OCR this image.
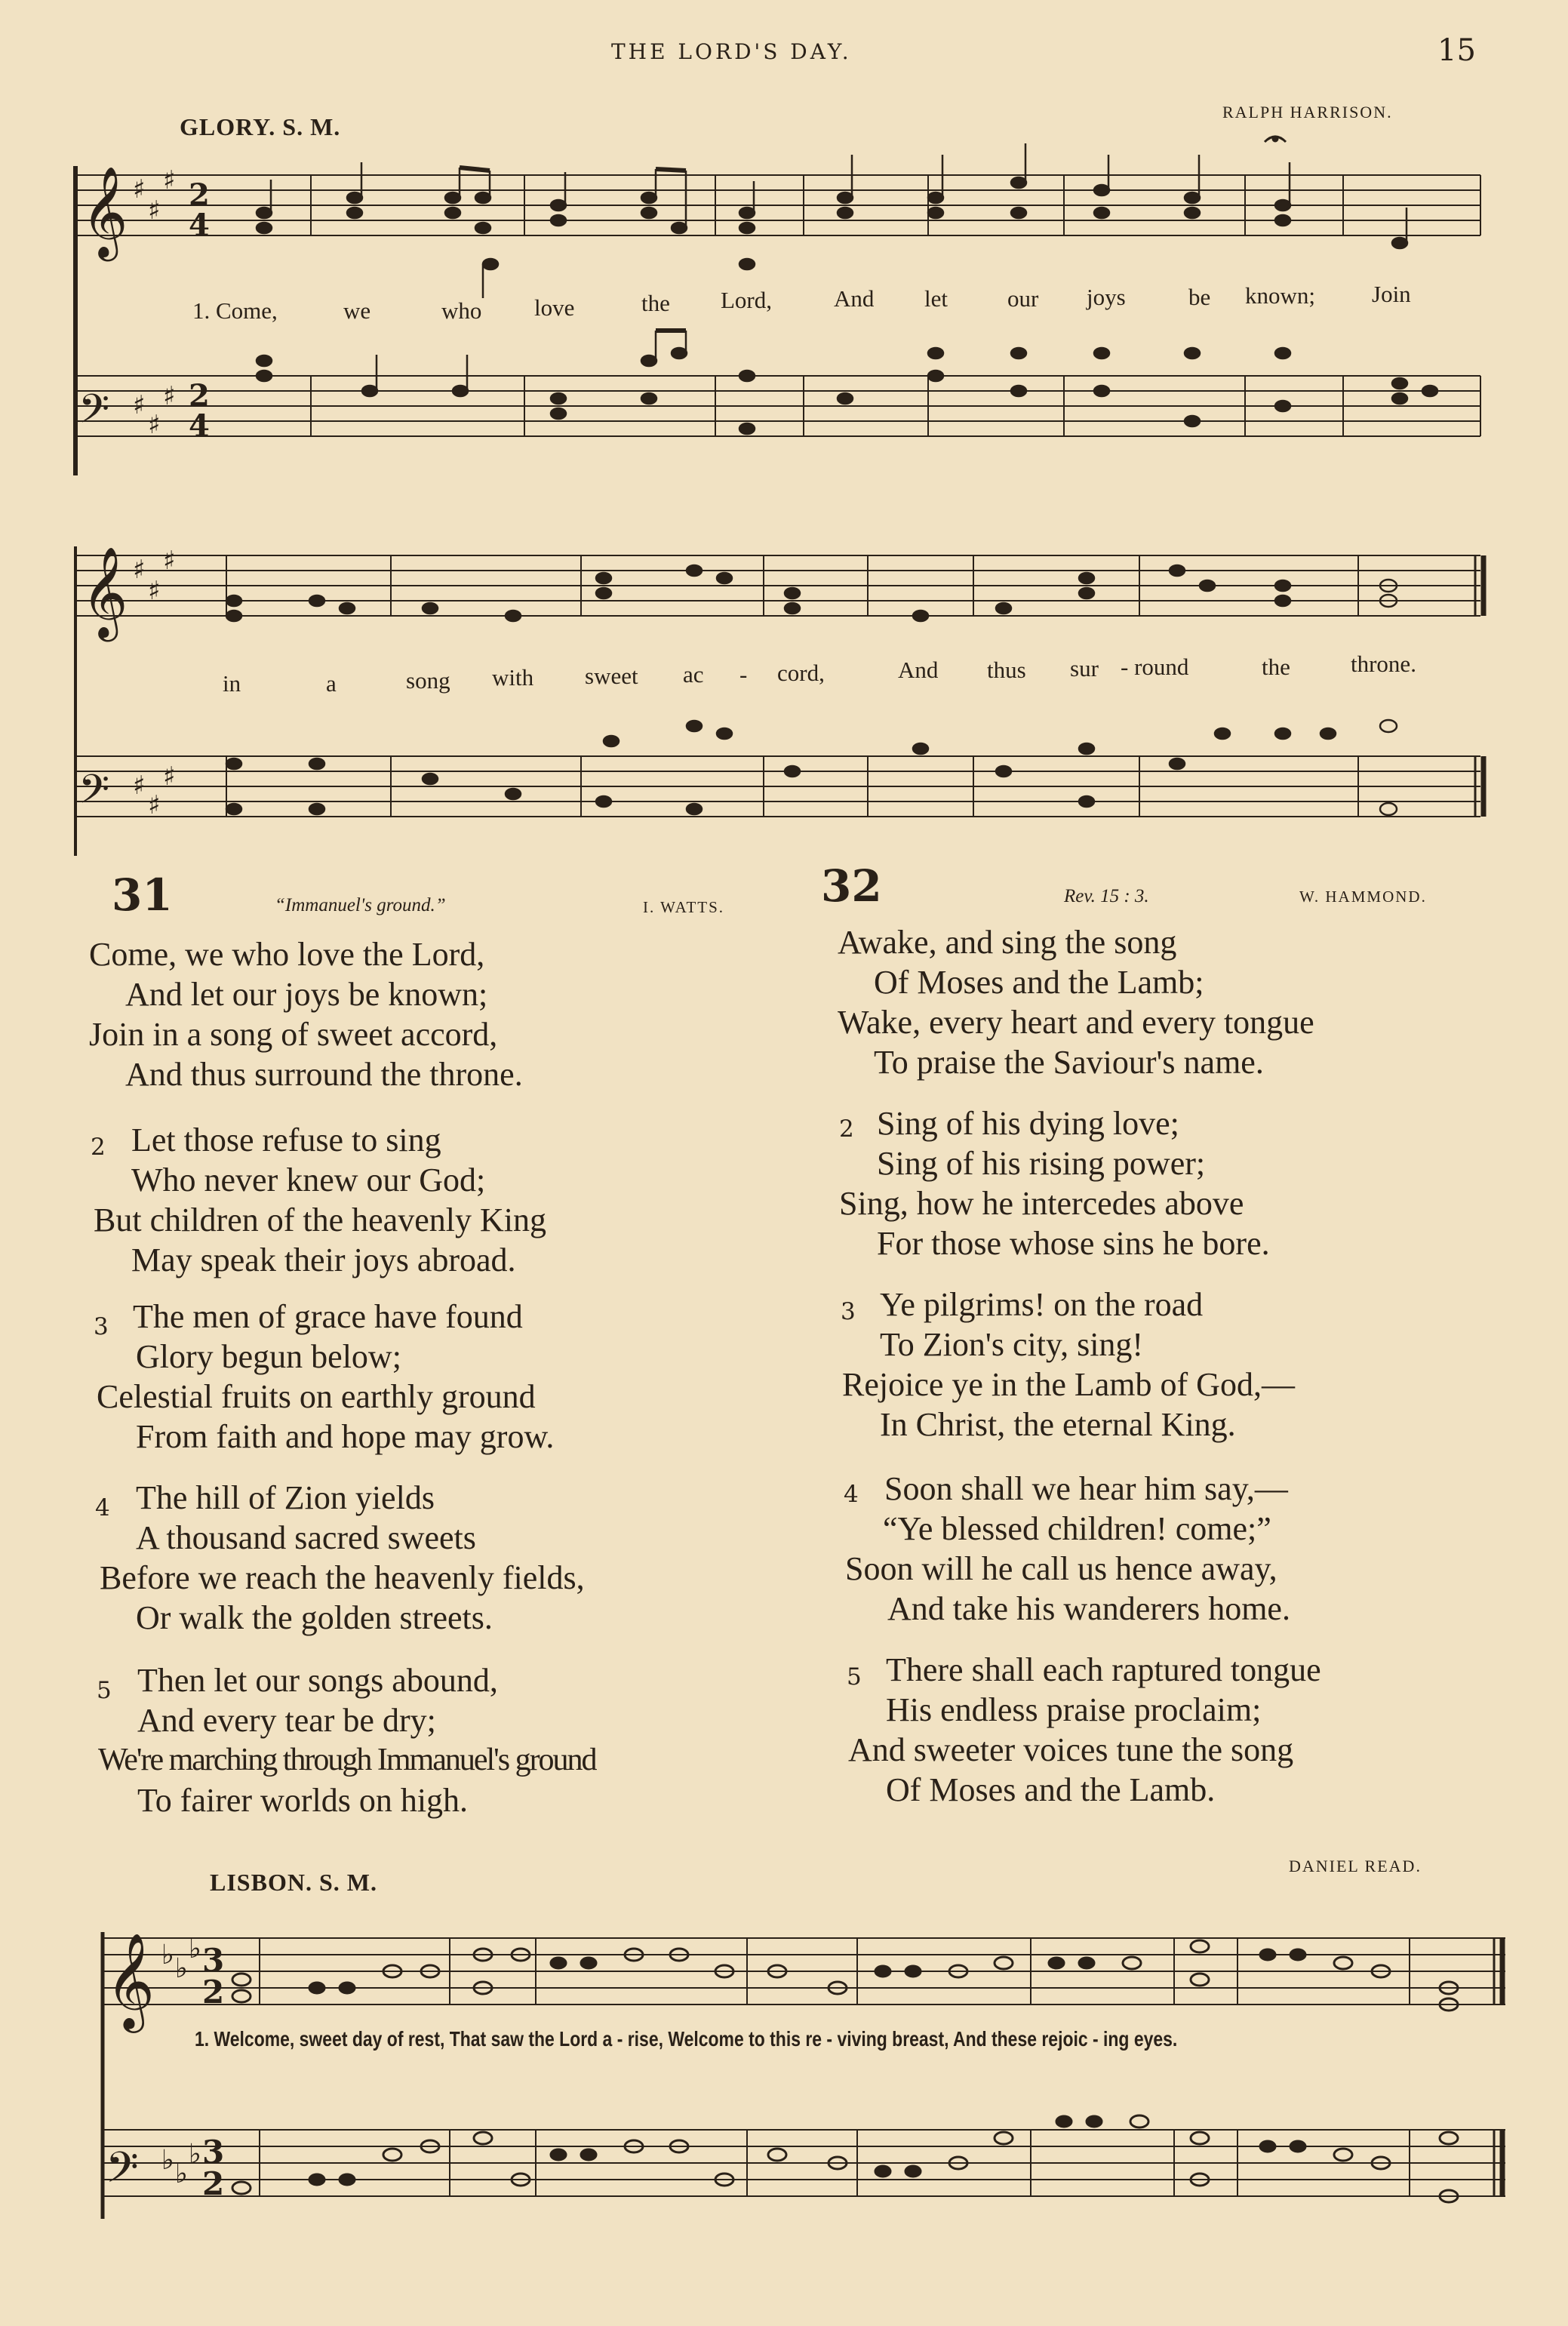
THE LORD'S DAY.	15
GLORY. S. M.
RALPH HARRISON.
𝄞
𝄞
𝄢
𝄢
♯
♯
♯
♯
♯
♯
♯
♯
♯
♯
♯
♯
2
4
2
4
1. Come,	we	who love	the Lord,	And let	our joys	be known; Join
in	a	song with sweet ac - cord,	And thus sur - round	the	throne.
31	“Immanuel's ground.”	I. WATTS.
Come, we who love the Lord,
And let our joys be known;
Join in a song of sweet accord,
And thus surround the throne.
2 Let those refuse to sing
Who never knew our God;
But children of the heavenly King
May speak their joys abroad.
3 The men of grace have found
Glory begun below;
Celestial fruits on earthly ground
From faith and hope may grow.
4 The hill of Zion yields
A thousand sacred sweets
Before we reach the heavenly fields,
Or walk the golden streets.
5 Then let our songs abound,
And every tear be dry;
We're marching through Immanuel's ground
To fairer worlds on high.
32	Rev. 15 : 3.	W. HAMMOND.
Awake, and sing the song
Of Moses and the Lamb;
Wake, every heart and every tongue
To praise the Saviour's name.
2 Sing of his dying love;
Sing of his rising power;
Sing, how he intercedes above
For those whose sins he bore.
3 Ye pilgrims! on the road
To Zion's city, sing!
Rejoice ye in the Lamb of God,—
In Christ, the eternal King.
4 Soon shall we hear him say,—
“Ye blessed children! come;”
Soon will he call us hence away,
And take his wanderers home.
5 There shall each raptured tongue
His endless praise proclaim;
And sweeter voices tune the song
Of Moses and the Lamb.
LISBON. S. M.
DANIEL READ.
𝄞
𝄢
♭ ♭
♭
♭ ♭
♭
3
2
3
2
1. Welcome, sweet day of rest, That saw the Lord a - rise, Welcome to this re - viving breast, And these rejoic - ing eyes.
